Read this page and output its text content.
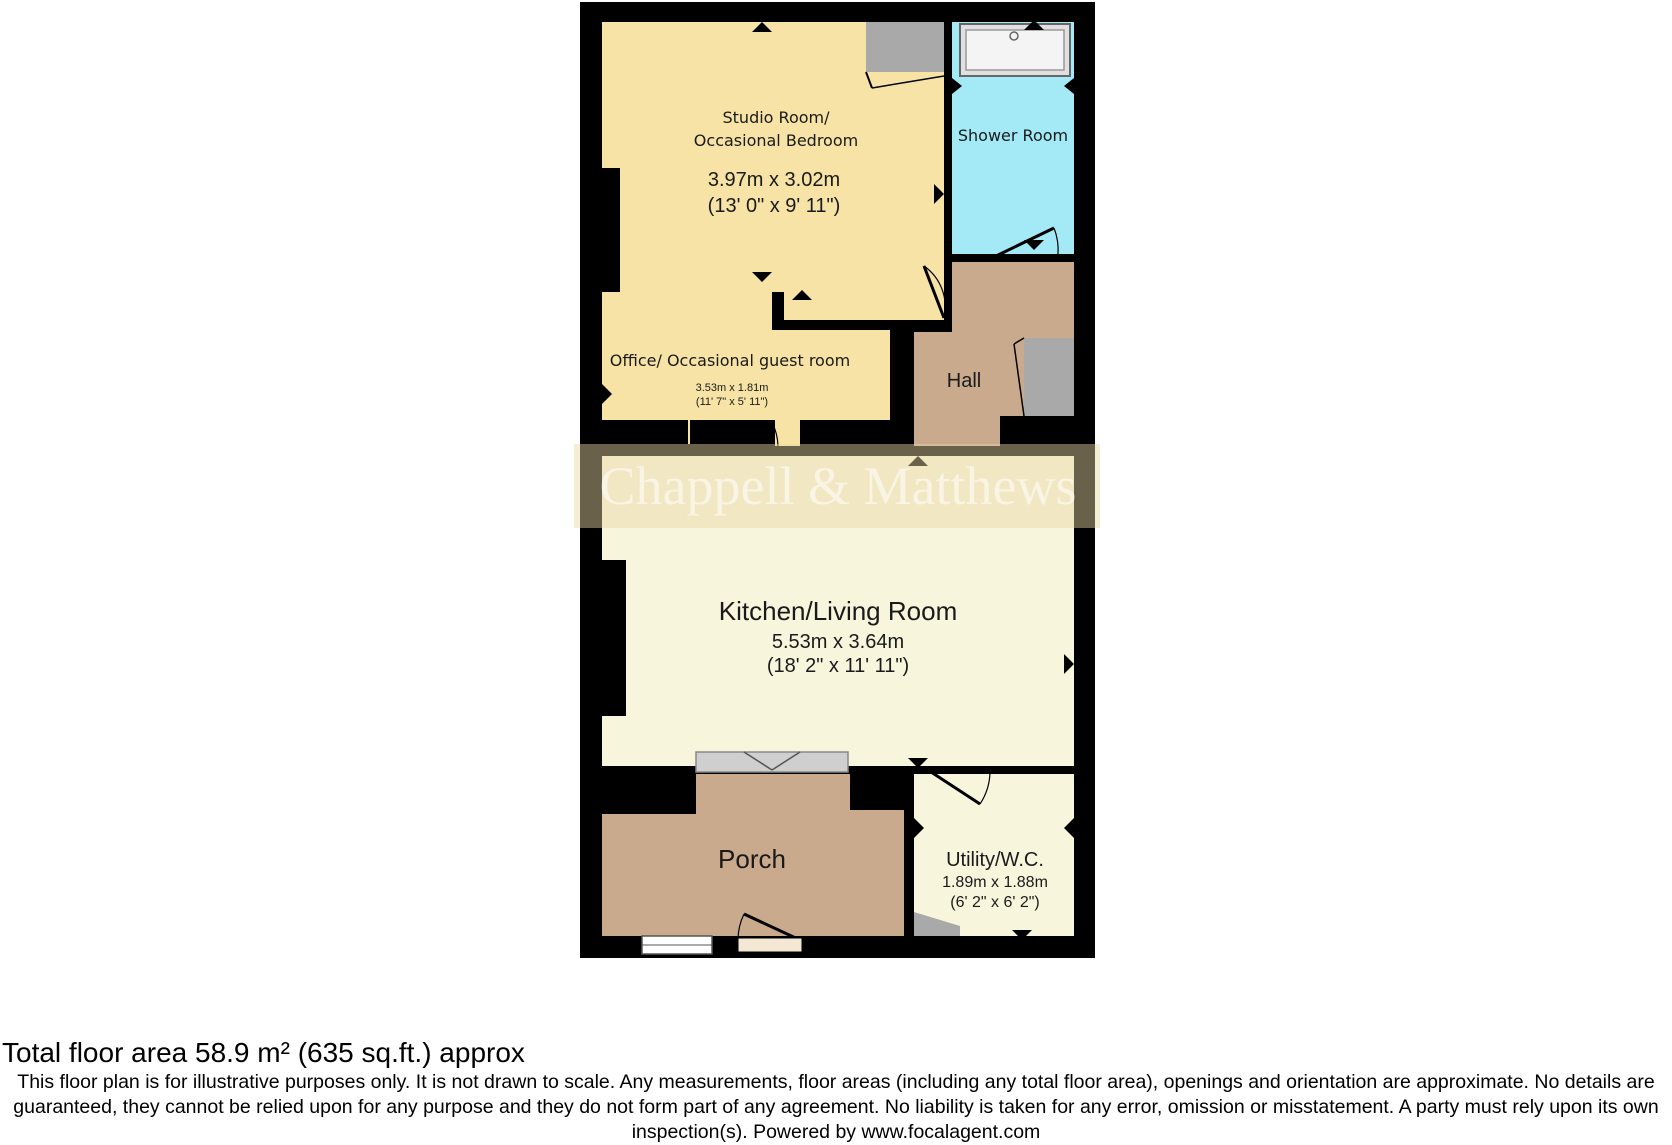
Chappell & Matthews
Studio Room/
Occasional Bedroom
3.97m x 3.02m
(13' 0" x 9' 11")
Shower Room
Office/ Occasional guest room
3.53m x 1.81m
(11' 7" x 5' 11")
Hall
Kitchen/Living Room
5.53m x 3.64m
(18' 2" x 11' 11")
Porch	Utility/W.C.
1.89m x 1.88m
(6' 2" x 6' 2")
Total floor area 58.9 m² (635 sq.ft.) approx
This floor plan is for illustrative purposes only. It is not drawn to scale. Any measurements, floor areas (including any total floor area), openings and orientation are approximate. No details are guaranteed, they cannot be relied upon for any purpose and they do not form part of any agreement. No liability is taken for any error, omission or misstatement. A party must rely upon its own inspection(s). Powered by www.focalagent.com
